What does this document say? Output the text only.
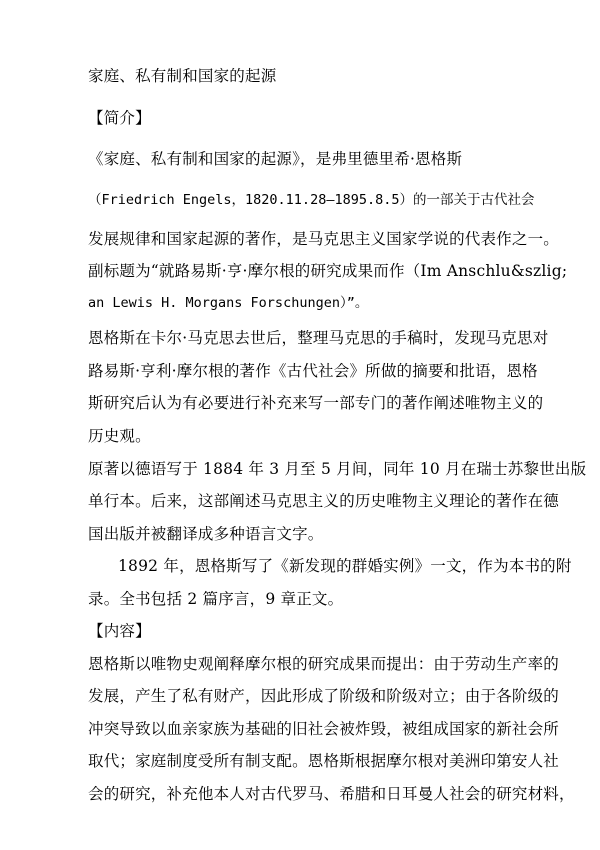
家庭、私有制和国家的起源
【简介】
《家庭、私有制和国家的起源》，是弗里德里希·恩格斯
（Friedrich Engels，1820.11.28—1895.8.5）的一部关于古代社会
发展规律和国家起源的著作，是马克思主义国家学说的代表作之一。
副标题为“就路易斯·亨·摩尔根的研究成果而作（Im Anschlu&szlig;
an Lewis H. Morgans Forschungen）”。
恩格斯在卡尔·马克思去世后，整理马克思的手稿时，发现马克思对
路易斯·亨利·摩尔根的著作《古代社会》所做的摘要和批语，恩格
斯研究后认为有必要进行补充来写一部专门的著作阐述唯物主义的
历史观。
原著以德语写于 1884 年 3 月至 5 月间，同年 10 月在瑞士苏黎世出版
单行本。后来，这部阐述马克思主义的历史唯物主义理论的著作在德
国出版并被翻译成多种语言文字。
1892 年，恩格斯写了《新发现的群婚实例》一文，作为本书的附
录。全书包括 2 篇序言，9 章正文。
【内容】
恩格斯以唯物史观阐释摩尔根的研究成果而提出：由于劳动生产率的
发展，产生了私有财产，因此形成了阶级和阶级对立；由于各阶级的
冲突导致以血亲家族为基础的旧社会被炸毁，被组成国家的新社会所
取代；家庭制度受所有制支配。恩格斯根据摩尔根对美洲印第安人社
会的研究，补充他本人对古代罗马、希腊和日耳曼人社会的研究材料，
